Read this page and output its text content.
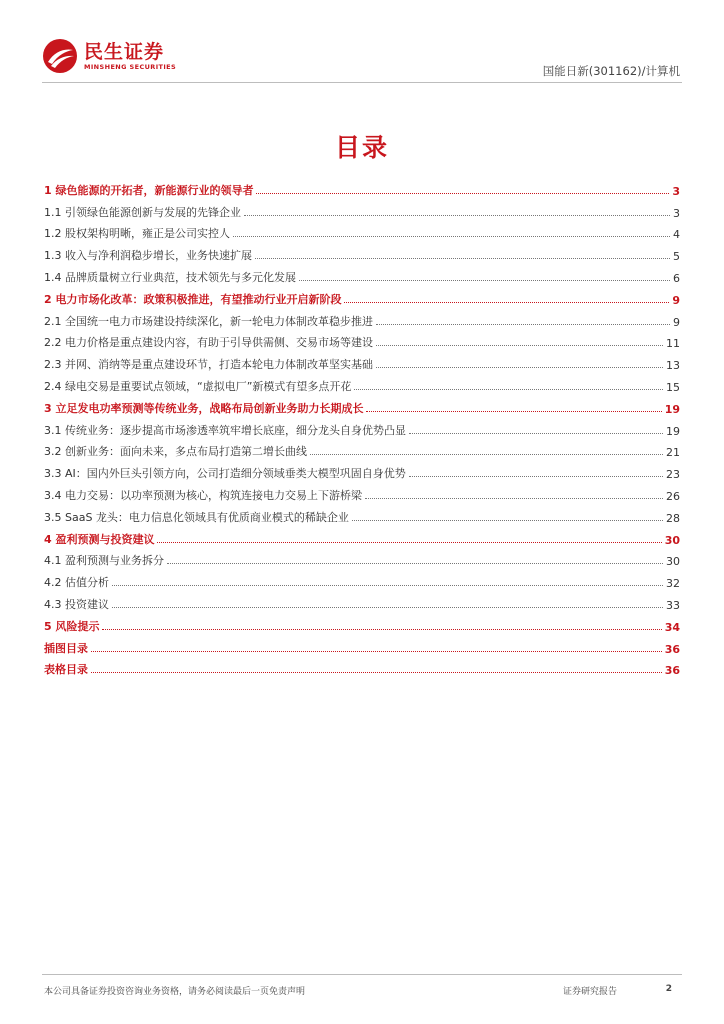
民生证券
MINSHENG SECURITIES	国能日新(301162)/计算机
目录
1 绿色能源的开拓者，新能源行业的领导者	3
1.1 引领绿色能源创新与发展的先锋企业	3
1.2 股权架构明晰，雍正是公司实控人	4
1.3 收入与净利润稳步增长，业务快速扩展	5
1.4 品牌质量树立行业典范，技术领先与多元化发展	6
2 电力市场化改革：政策积极推进，有望推动行业开启新阶段	9
2.1 全国统一电力市场建设持续深化，新一轮电力体制改革稳步推进	9
2.2 电力价格是重点建设内容，有助于引导供需侧、交易市场等建设	11
2.3 并网、消纳等是重点建设环节，打造本轮电力体制改革坚实基础	13
2.4 绿电交易是重要试点领域，“虚拟电厂”新模式有望多点开花	15
3 立足发电功率预测等传统业务，战略布局创新业务助力长期成长	19
3.1 传统业务：逐步提高市场渗透率筑牢增长底座，细分龙头自身优势凸显	19
3.2 创新业务：面向未来，多点布局打造第二增长曲线	21
3.3 AI：国内外巨头引领方向，公司打造细分领域垂类大模型巩固自身优势	23
3.4 电力交易：以功率预测为核心，构筑连接电力交易上下游桥梁	26
3.5 SaaS 龙头：电力信息化领域具有优质商业模式的稀缺企业	28
4 盈利预测与投资建议	30
4.1 盈利预测与业务拆分	30
4.2 估值分析	32
4.3 投资建议	33
5 风险提示	34
插图目录	36
表格目录	36
本公司具备证券投资咨询业务资格，请务必阅读最后一页免责声明	证券研究报告	2
